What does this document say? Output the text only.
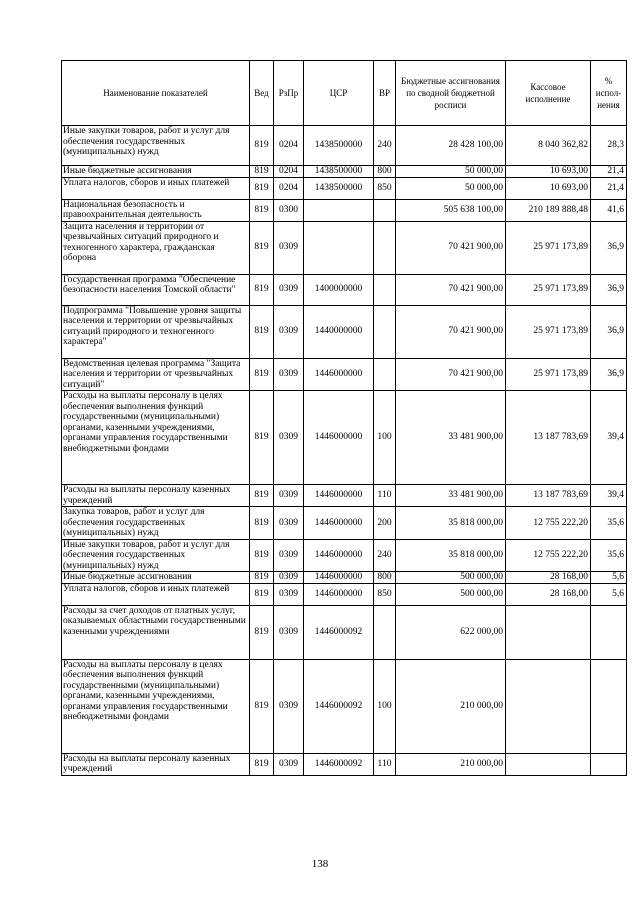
Наименование показателей	Вед	РзПр	ЦСР	ВР	Бюджетные ассигнования по сводной бюджетной росписи	Кассовое исполнение	% испол-нения
Иные закупки товаров, работ и услуг для обеспечения государственных (муниципальных) нужд	819	0204	1438500000	240	28 428 100,00	8 040 362,82	28,3
Иные бюджетные ассигнования	819	0204	1438500000	800	50 000,00	10 693,00	21,4
Уплата налогов, сборов и иных платежей	819	0204	1438500000	850	50 000,00	10 693,00	21,4
Национальная безопасность и правоохранительная деятельность	819	0300			505 638 100,00	210 189 888,48	41,6
Защита населения и территории от чрезвычайных ситуаций природного и техногенного характера, гражданская оборона	819	0309			70 421 900,00	25 971 173,89	36,9
Государственная программа "Обеспечение безопасности населения Томской области"	819	0309	1400000000		70 421 900,00	25 971 173,89	36,9
Подпрограмма "Повышение уровня защиты населения и территории от чрезвычайных ситуаций природного и техногенного характера"	819	0309	1440000000		70 421 900,00	25 971 173,89	36,9
Ведомственная целевая программа "Защита населения и территории от чрезвычайных ситуаций"	819	0309	1446000000		70 421 900,00	25 971 173,89	36,9
Расходы на выплаты персоналу в целях обеспечения выполнения функций государственными (муниципальными) органами, казенными учреждениями, органами управления государственными внебюджетными фондами	819	0309	1446000000	100	33 481 900,00	13 187 783,69	39,4
Расходы на выплаты персоналу казенных учреждений	819	0309	1446000000	110	33 481 900,00	13 187 783,69	39,4
Закупка товаров, работ и услуг для обеспечения государственных (муниципальных) нужд	819	0309	1446000000	200	35 818 000,00	12 755 222,20	35,6
Иные закупки товаров, работ и услуг для обеспечения государственных (муниципальных) нужд	819	0309	1446000000	240	35 818 000,00	12 755 222,20	35,6
Иные бюджетные ассигнования	819	0309	1446000000	800	500 000,00	28 168,00	5,6
Уплата налогов, сборов и иных платежей	819	0309	1446000000	850	500 000,00	28 168,00	5,6
Расходы за счет доходов от платных услуг, оказываемых областными государственными казенными учреждениями	819	0309	1446000092		622 000,00		
Расходы на выплаты персоналу в целях обеспечения выполнения функций государственными (муниципальными) органами, казенными учреждениями, органами управления государственными внебюджетными фондами	819	0309	1446000092	100	210 000,00		
Расходы на выплаты персоналу казенных учреждений	819	0309	1446000092	110	210 000,00		
138
